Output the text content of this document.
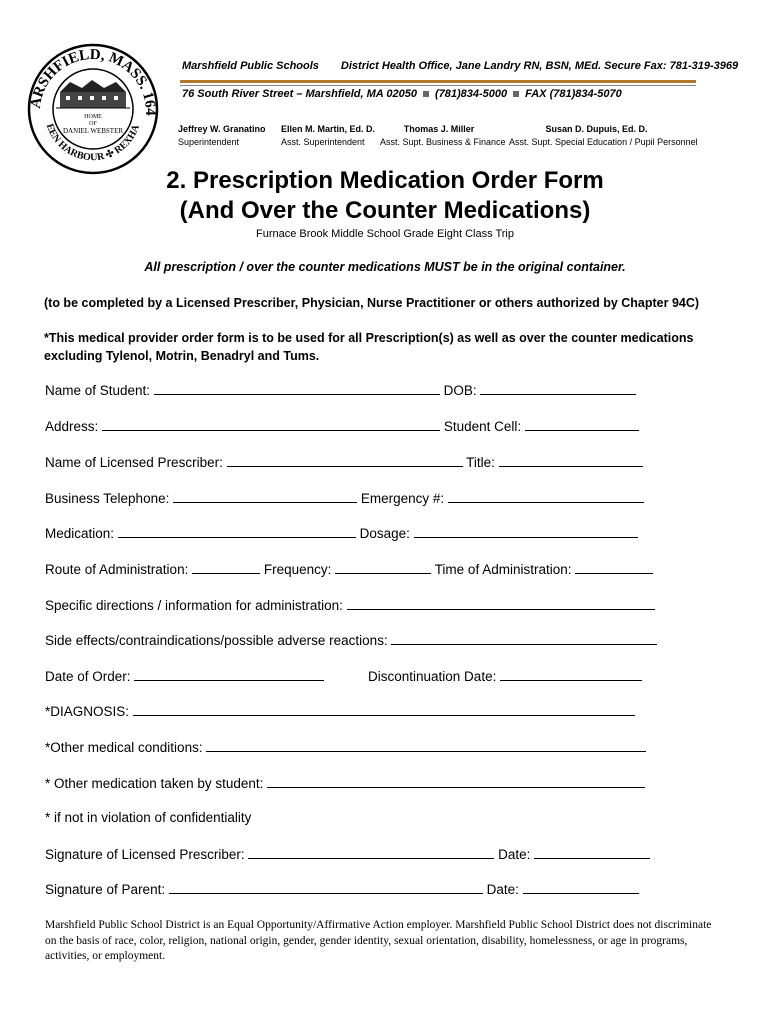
ARSHFIELD, MASS. 164
EEN HARBOUR ✣ REXHA
HOME
OF
DANIEL WEBSTER
Marshfield Public Schools District Health Office, Jane Landry RN, BSN, MEd. Secure Fax: 781-319-3969
76 South River Street – Marshfield, MA 02050 (781)834-5000 FAX (781)834-5070
Jeffrey W. Granatino
Superintendent
Ellen M. Martin, Ed. D.
Asst. Superintendent
Thomas J. Miller
Asst. Supt. Business & Finance
Susan D. Dupuis, Ed. D.
Asst. Supt. Special Education / Pupil Personnel
2. Prescription Medication Order Form
(And Over the Counter Medications)
Furnace Brook Middle School Grade Eight Class Trip
All prescription / over the counter medications MUST be in the original container.
(to be completed by a Licensed Prescriber, Physician, Nurse Practitioner or others authorized by Chapter 94C)
*This medical provider order form is to be used for all Prescription(s) as well as over the counter medications excluding Tylenol, Motrin, Benadryl and Tums.
Name of Student:	DOB:
Address:	Student Cell:
Name of Licensed Prescriber:	Title:
Business Telephone:	Emergency #:
Medication:	Dosage:
Route of Administration:	Frequency:	Time of Administration:
Specific directions / information for administration:
Side effects/contraindications/possible adverse reactions:
Date of Order:	Discontinuation Date:
*DIAGNOSIS:
*Other medical conditions:
* Other medication taken by student:
* if not in violation of confidentiality
Signature of Licensed Prescriber:	Date:
Signature of Parent:	Date:
Marshfield Public School District is an Equal Opportunity/Affirmative Action employer. Marshfield Public School District does not discriminate on the basis of race, color, religion, national origin, gender, gender identity, sexual orientation, disability, homelessness, or age in programs, activities, or employment.
